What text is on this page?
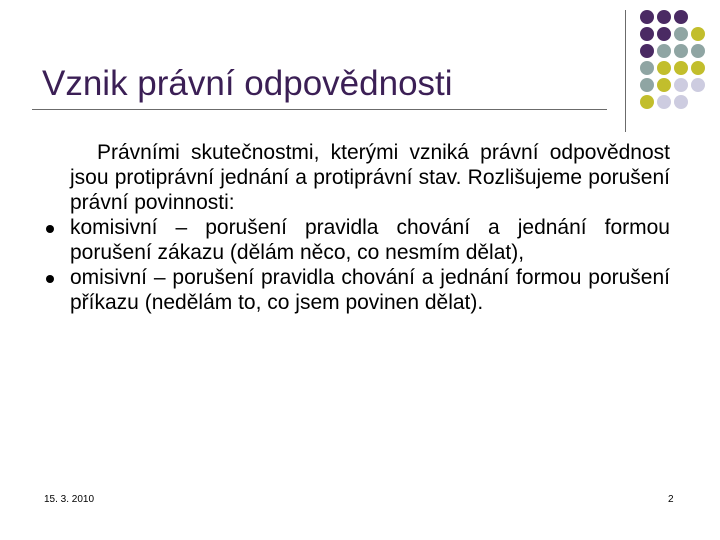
Vznik právní odpovědnosti

Právními skutečnostmi, kterými vzniká právní odpovědnost jsou protiprávní jednání a protiprávní stav. Rozlišujeme porušení právní povinnosti:

komisivní – porušení pravidla chování a jednání formou porušení zákazu (dělám něco, co nesmím dělat),

omisivní – porušení pravidla chování a jednání formou porušení příkazu (nedělám to, co jsem povinen dělat).

15. 3. 2010	2
